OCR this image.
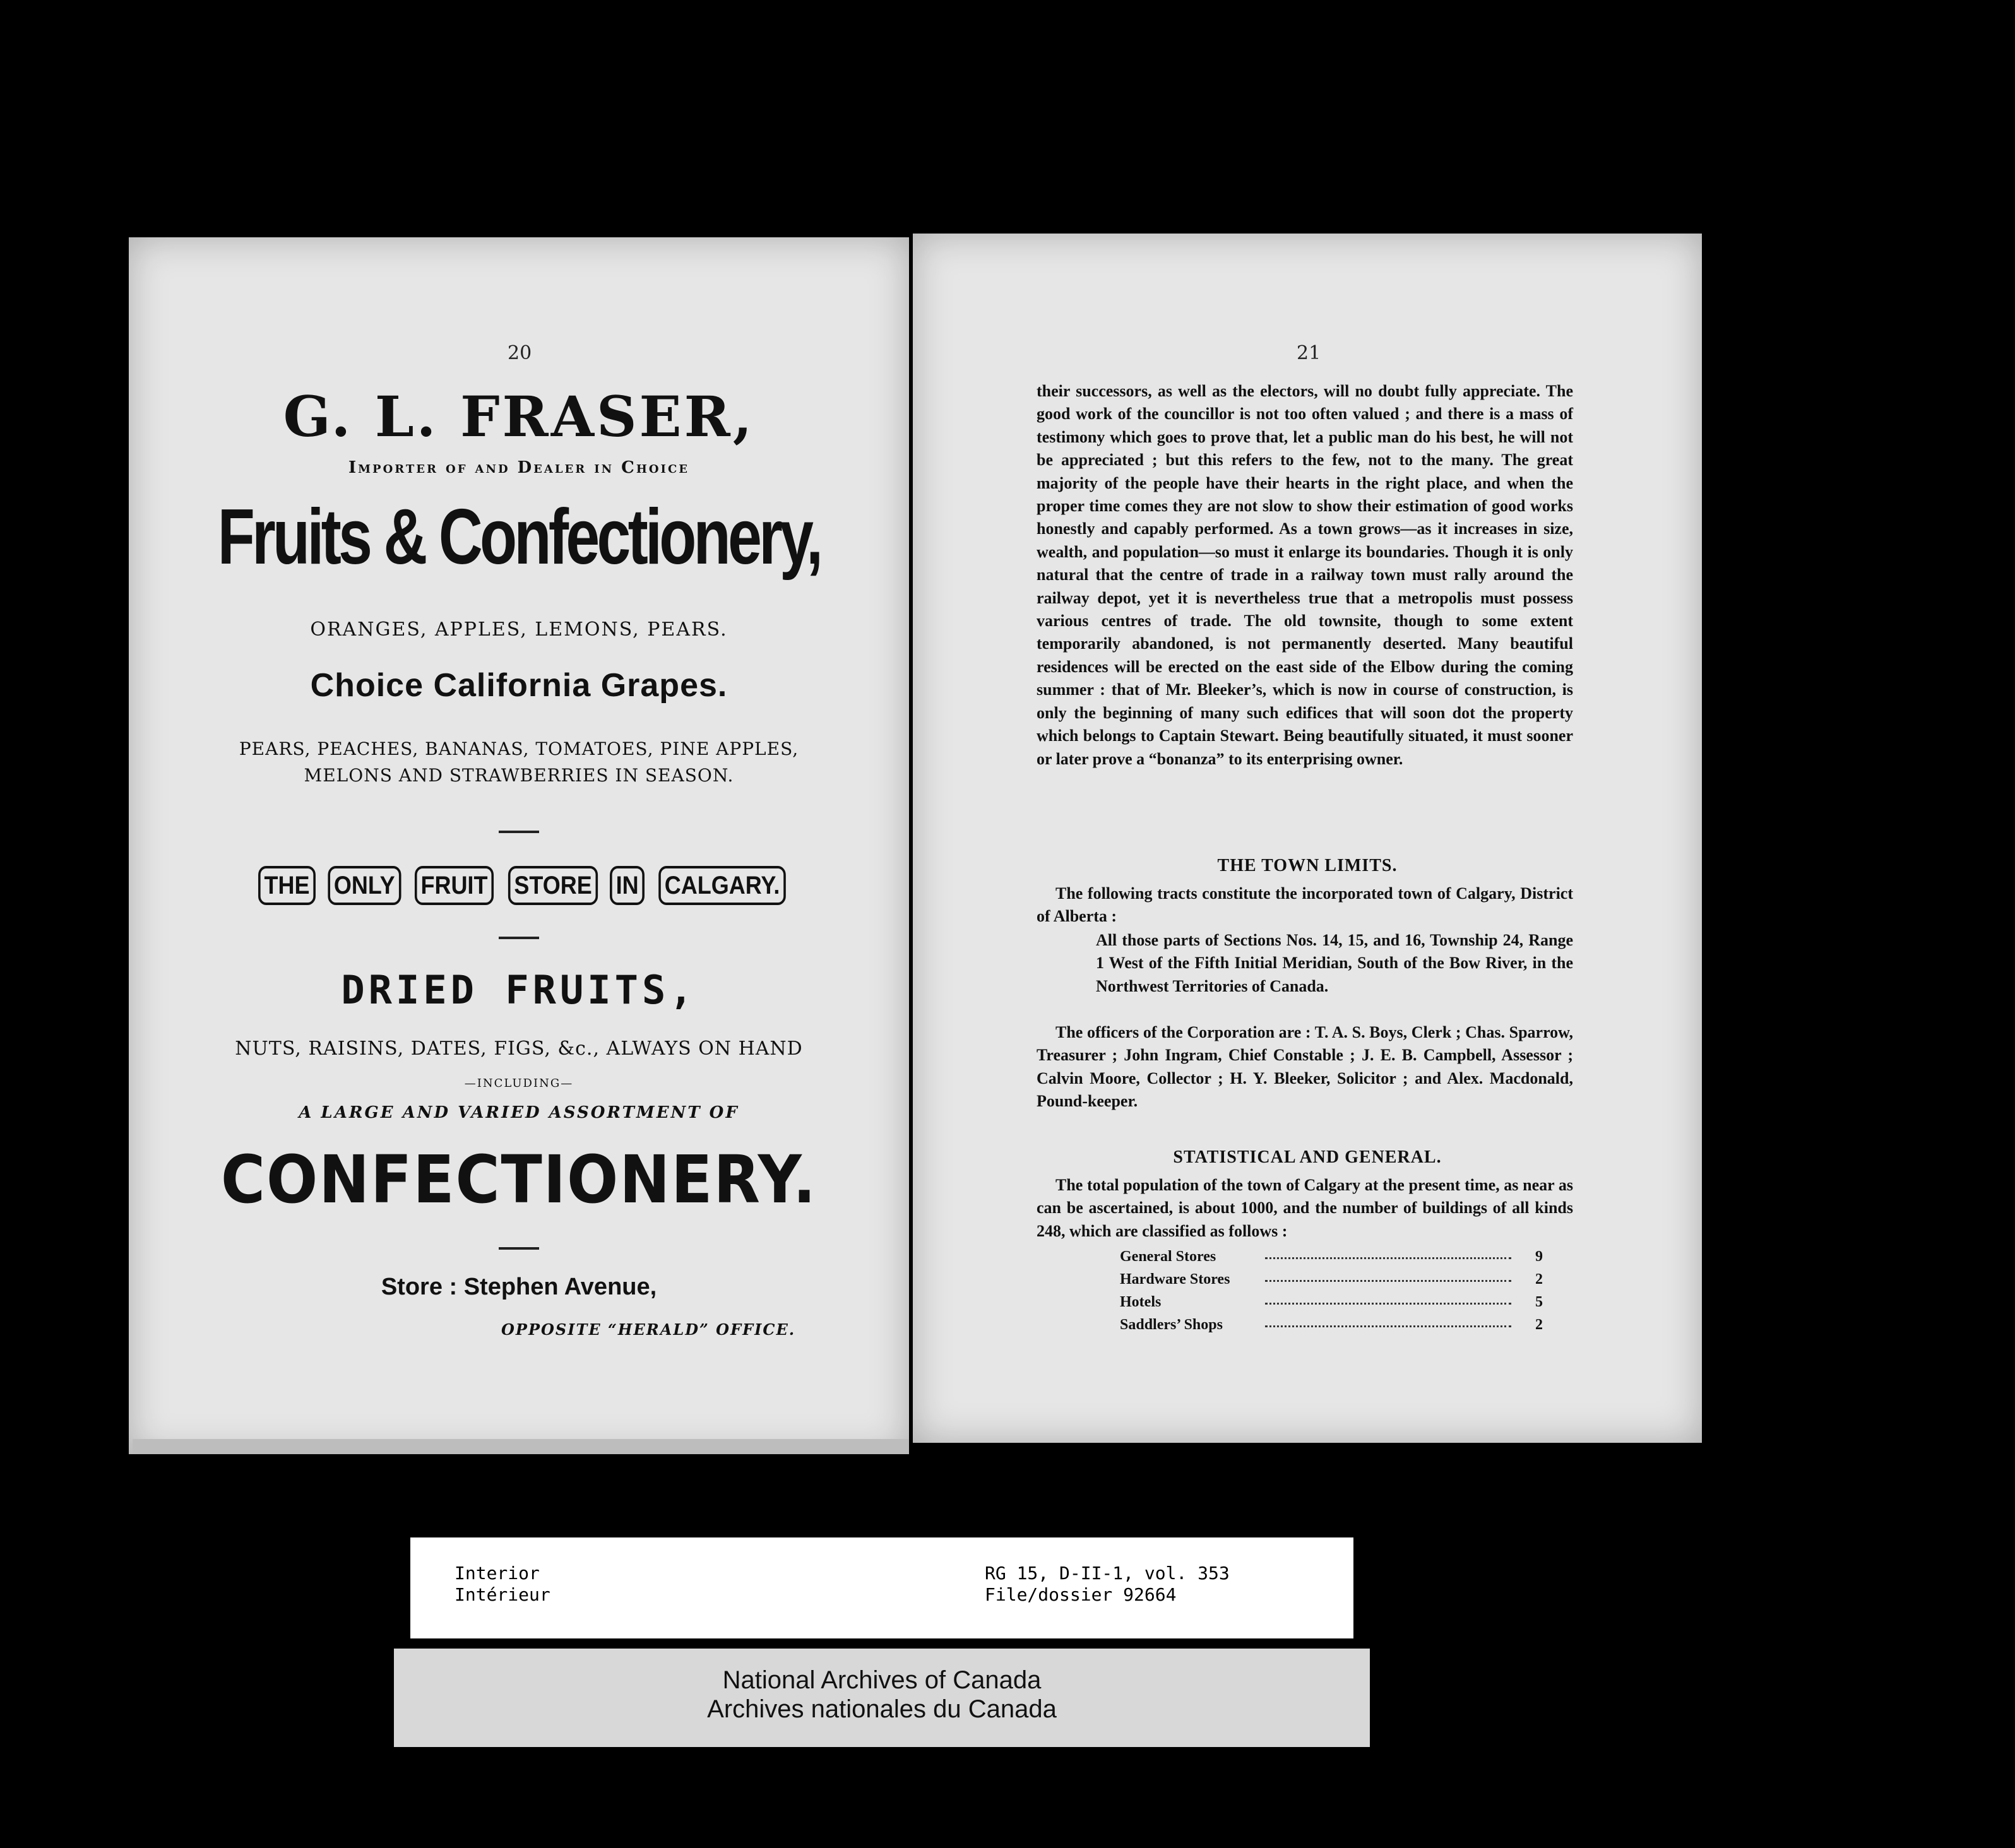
20
G. L. FRASER,
Importer of and Dealer in Choice
Fruits & Confectionery,
ORANGES, APPLES, LEMONS, PEARS.
Choice California Grapes.
PEARS, PEACHES, BANANAS, TOMATOES, PINE APPLES,
MELONS AND STRAWBERRIES IN SEASON.
THE ONLY FRUIT STORE IN CALGARY.
DRIED FRUITS,
NUTS, RAISINS, DATES, FIGS, &c., ALWAYS ON HAND
—INCLUDING—
A LARGE AND VARIED ASSORTMENT OF
CONFECTIONERY.
Store : Stephen Avenue,
OPPOSITE “HERALD” OFFICE.
21
their successors, as well as the electors, will no doubt fully appreciate. The good work of the councillor is not too often valued ; and there is a mass of testimony which goes to prove that, let a public man do his best, he will not be appreciated ; but this refers to the few, not to the many. The great majority of the people have their hearts in the right place, and when the proper time comes they are not slow to show their estimation of good works honestly and capably performed. As a town grows—as it increases in size, wealth, and population—so must it enlarge its boundaries. Though it is only natural that the centre of trade in a railway town must rally around the railway depot, yet it is nevertheless true that a metropolis must possess various centres of trade. The old townsite, though to some extent temporarily abandoned, is not permanently deserted. Many beautiful residences will be erected on the east side of the Elbow during the coming summer : that of Mr. Bleeker’s, which is now in course of construction, is only the beginning of many such edifices that will soon dot the property which belongs to Captain Stewart. Being beautifully situated, it must sooner or later prove a “bonanza” to its enterprising owner.
THE TOWN LIMITS.
The following tracts constitute the incorporated town of Calgary, District of Alberta :
All those parts of Sections Nos. 14, 15, and 16, Township 24, Range 1 West of the Fifth Initial Meridian, South of the Bow River, in the Northwest Territories of Canada.
The officers of the Corporation are : T. A. S. Boys, Clerk ; Chas. Sparrow, Treasurer ; John Ingram, Chief Constable ; J. E. B. Campbell, Assessor ; Calvin Moore, Collector ; H. Y. Bleeker, Solicitor ; and Alex. Macdonald, Pound-keeper.
STATISTICAL AND GENERAL.
The total population of the town of Calgary at the present time, as near as can be ascertained, is about 1000, and the number of buildings of all kinds 248, which are classified as follows :
General Stores	9
Hardware Stores	2
Hotels	5
Saddlers’ Shops	2
Interior
Intérieur
RG 15, D-II-1, vol. 353
File/dossier 92664
National Archives of Canada
Archives nationales du Canada
